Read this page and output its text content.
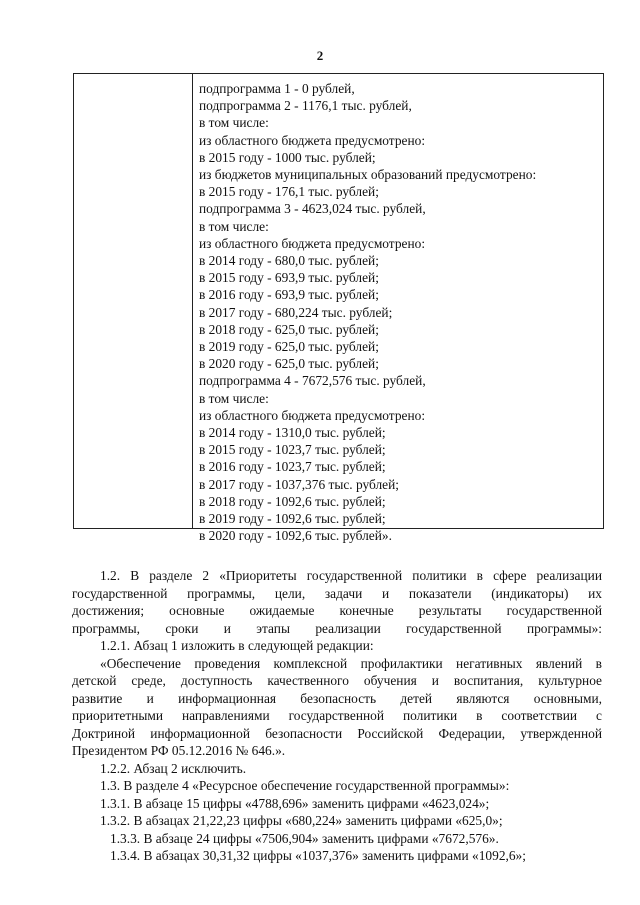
2
подпрограмма 1 - 0 рублей,
подпрограмма 2 - 1176,1 тыс. рублей,
в том числе:
из областного бюджета предусмотрено:
в 2015 году - 1000 тыс. рублей;
из бюджетов муниципальных образований предусмотрено:
в 2015 году - 176,1 тыс. рублей;
подпрограмма 3 - 4623,024 тыс. рублей,
в том числе:
из областного бюджета предусмотрено:
в 2014 году - 680,0 тыс. рублей;
в 2015 году - 693,9 тыс. рублей;
в 2016 году - 693,9 тыс. рублей;
в 2017 году - 680,224 тыс. рублей;
в 2018 году - 625,0 тыс. рублей;
в 2019 году - 625,0 тыс. рублей;
в 2020 году - 625,0 тыс. рублей;
подпрограмма 4 - 7672,576 тыс. рублей,
в том числе:
из областного бюджета предусмотрено:
в 2014 году - 1310,0 тыс. рублей;
в 2015 году - 1023,7 тыс. рублей;
в 2016 году - 1023,7 тыс. рублей;
в 2017 году - 1037,376 тыс. рублей;
в 2018 году - 1092,6 тыс. рублей;
в 2019 году - 1092,6 тыс. рублей;
в 2020 году - 1092,6 тыс. рублей».

1.2. В разделе 2 «Приоритеты государственной политики в сфере реализации

государственной программы, цели, задачи и показатели (индикаторы) их

достижения; основные ожидаемые конечные результаты государственной

программы, сроки и этапы реализации государственной программы»:

1.2.1. Абзац 1 изложить в следующей редакции:

«Обеспечение проведения комплексной профилактики негативных явлений в

детской среде, доступность качественного обучения и воспитания, культурное

развитие и информационная безопасность детей являются основными,

приоритетными направлениями государственной политики в соответствии с

Доктриной информационной безопасности Российской Федерации, утвержденной

Президентом РФ 05.12.2016 № 646.».

1.2.2. Абзац 2 исключить.

1.3. В разделе 4 «Ресурсное обеспечение государственной программы»:

1.3.1. В абзаце 15 цифры «4788,696» заменить цифрами «4623,024»;

1.3.2. В абзацах 21,22,23 цифры «680,224» заменить цифрами «625,0»;

1.3.3. В абзаце 24 цифры «7506,904» заменить цифрами «7672,576».

1.3.4. В абзацах 30,31,32 цифры «1037,376» заменить цифрами «1092,6»;
